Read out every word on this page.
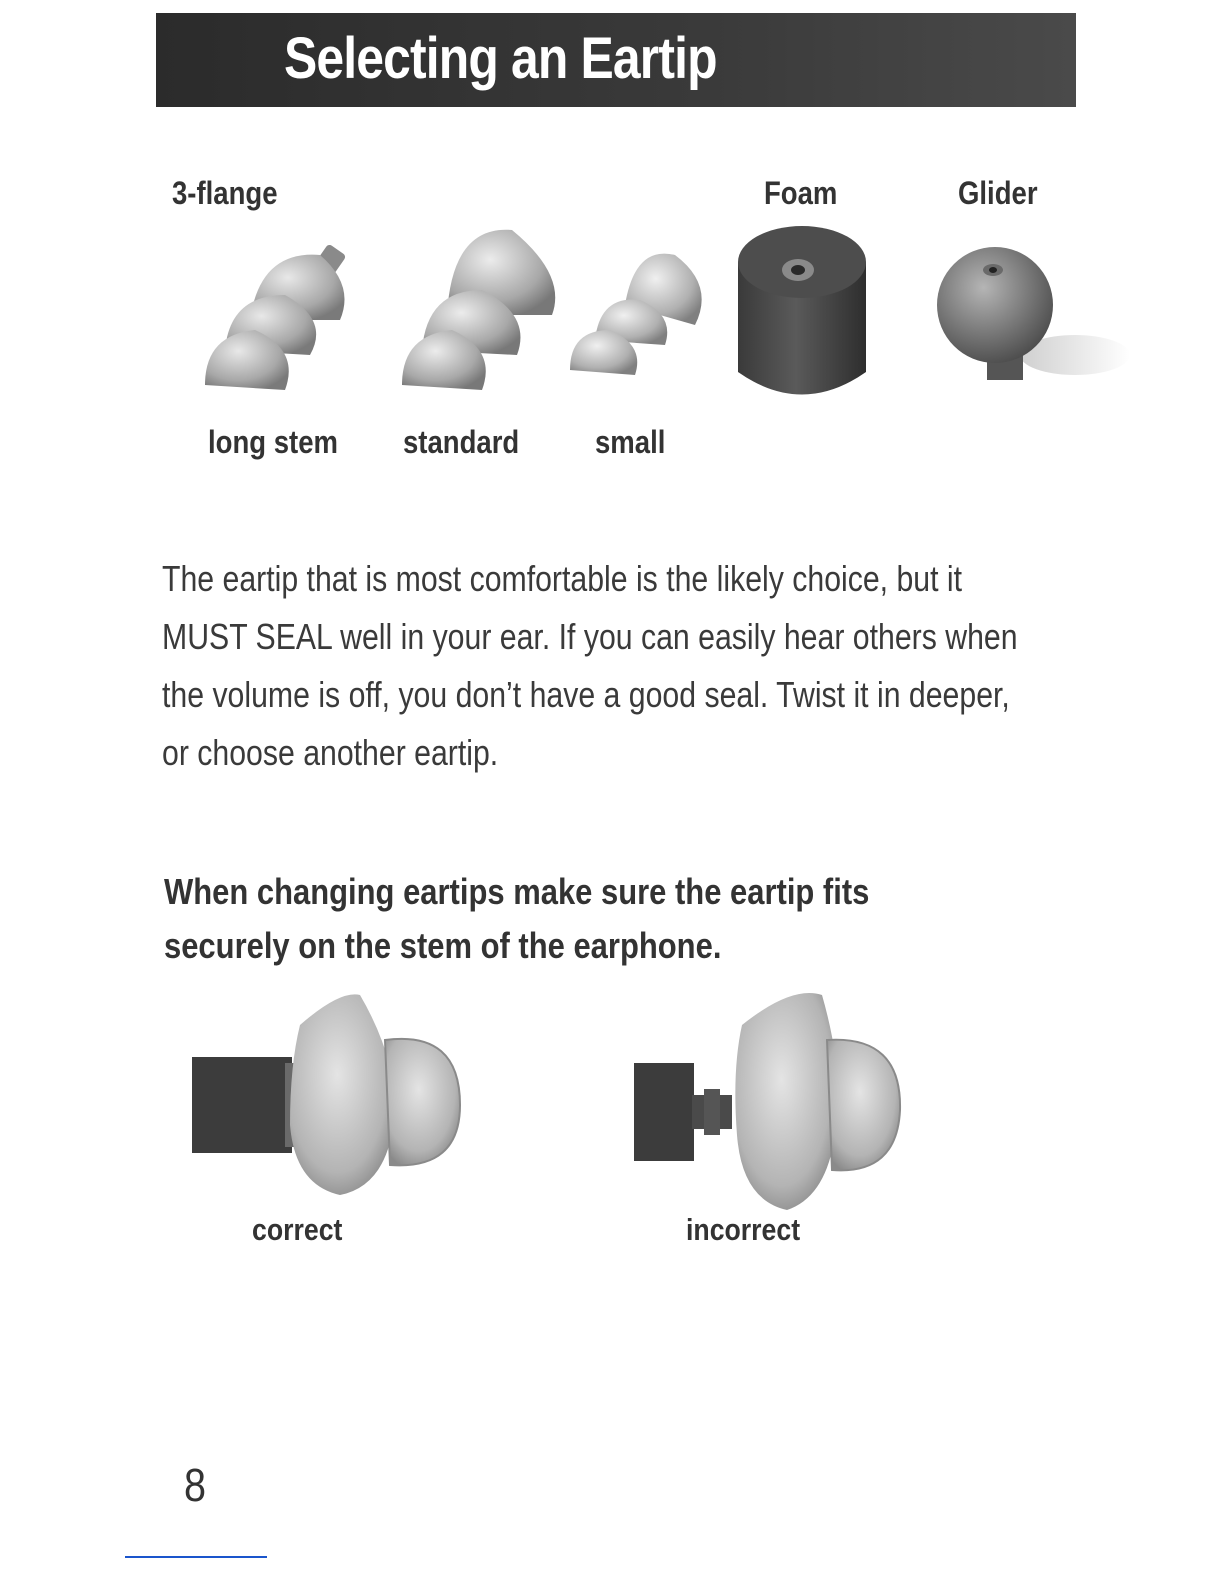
Selecting an Eartip
3-flange	Foam	Glider
long stem standard small
The eartip that is most comfortable is the likely choice, but it
MUST SEAL well in your ear. If you can easily hear others when
the volume is off, you don’t have a good seal. Twist it in deeper,
or choose another eartip.
When changing eartips make sure the eartip fits
securely on the stem of the earphone.
correct	incorrect
8
